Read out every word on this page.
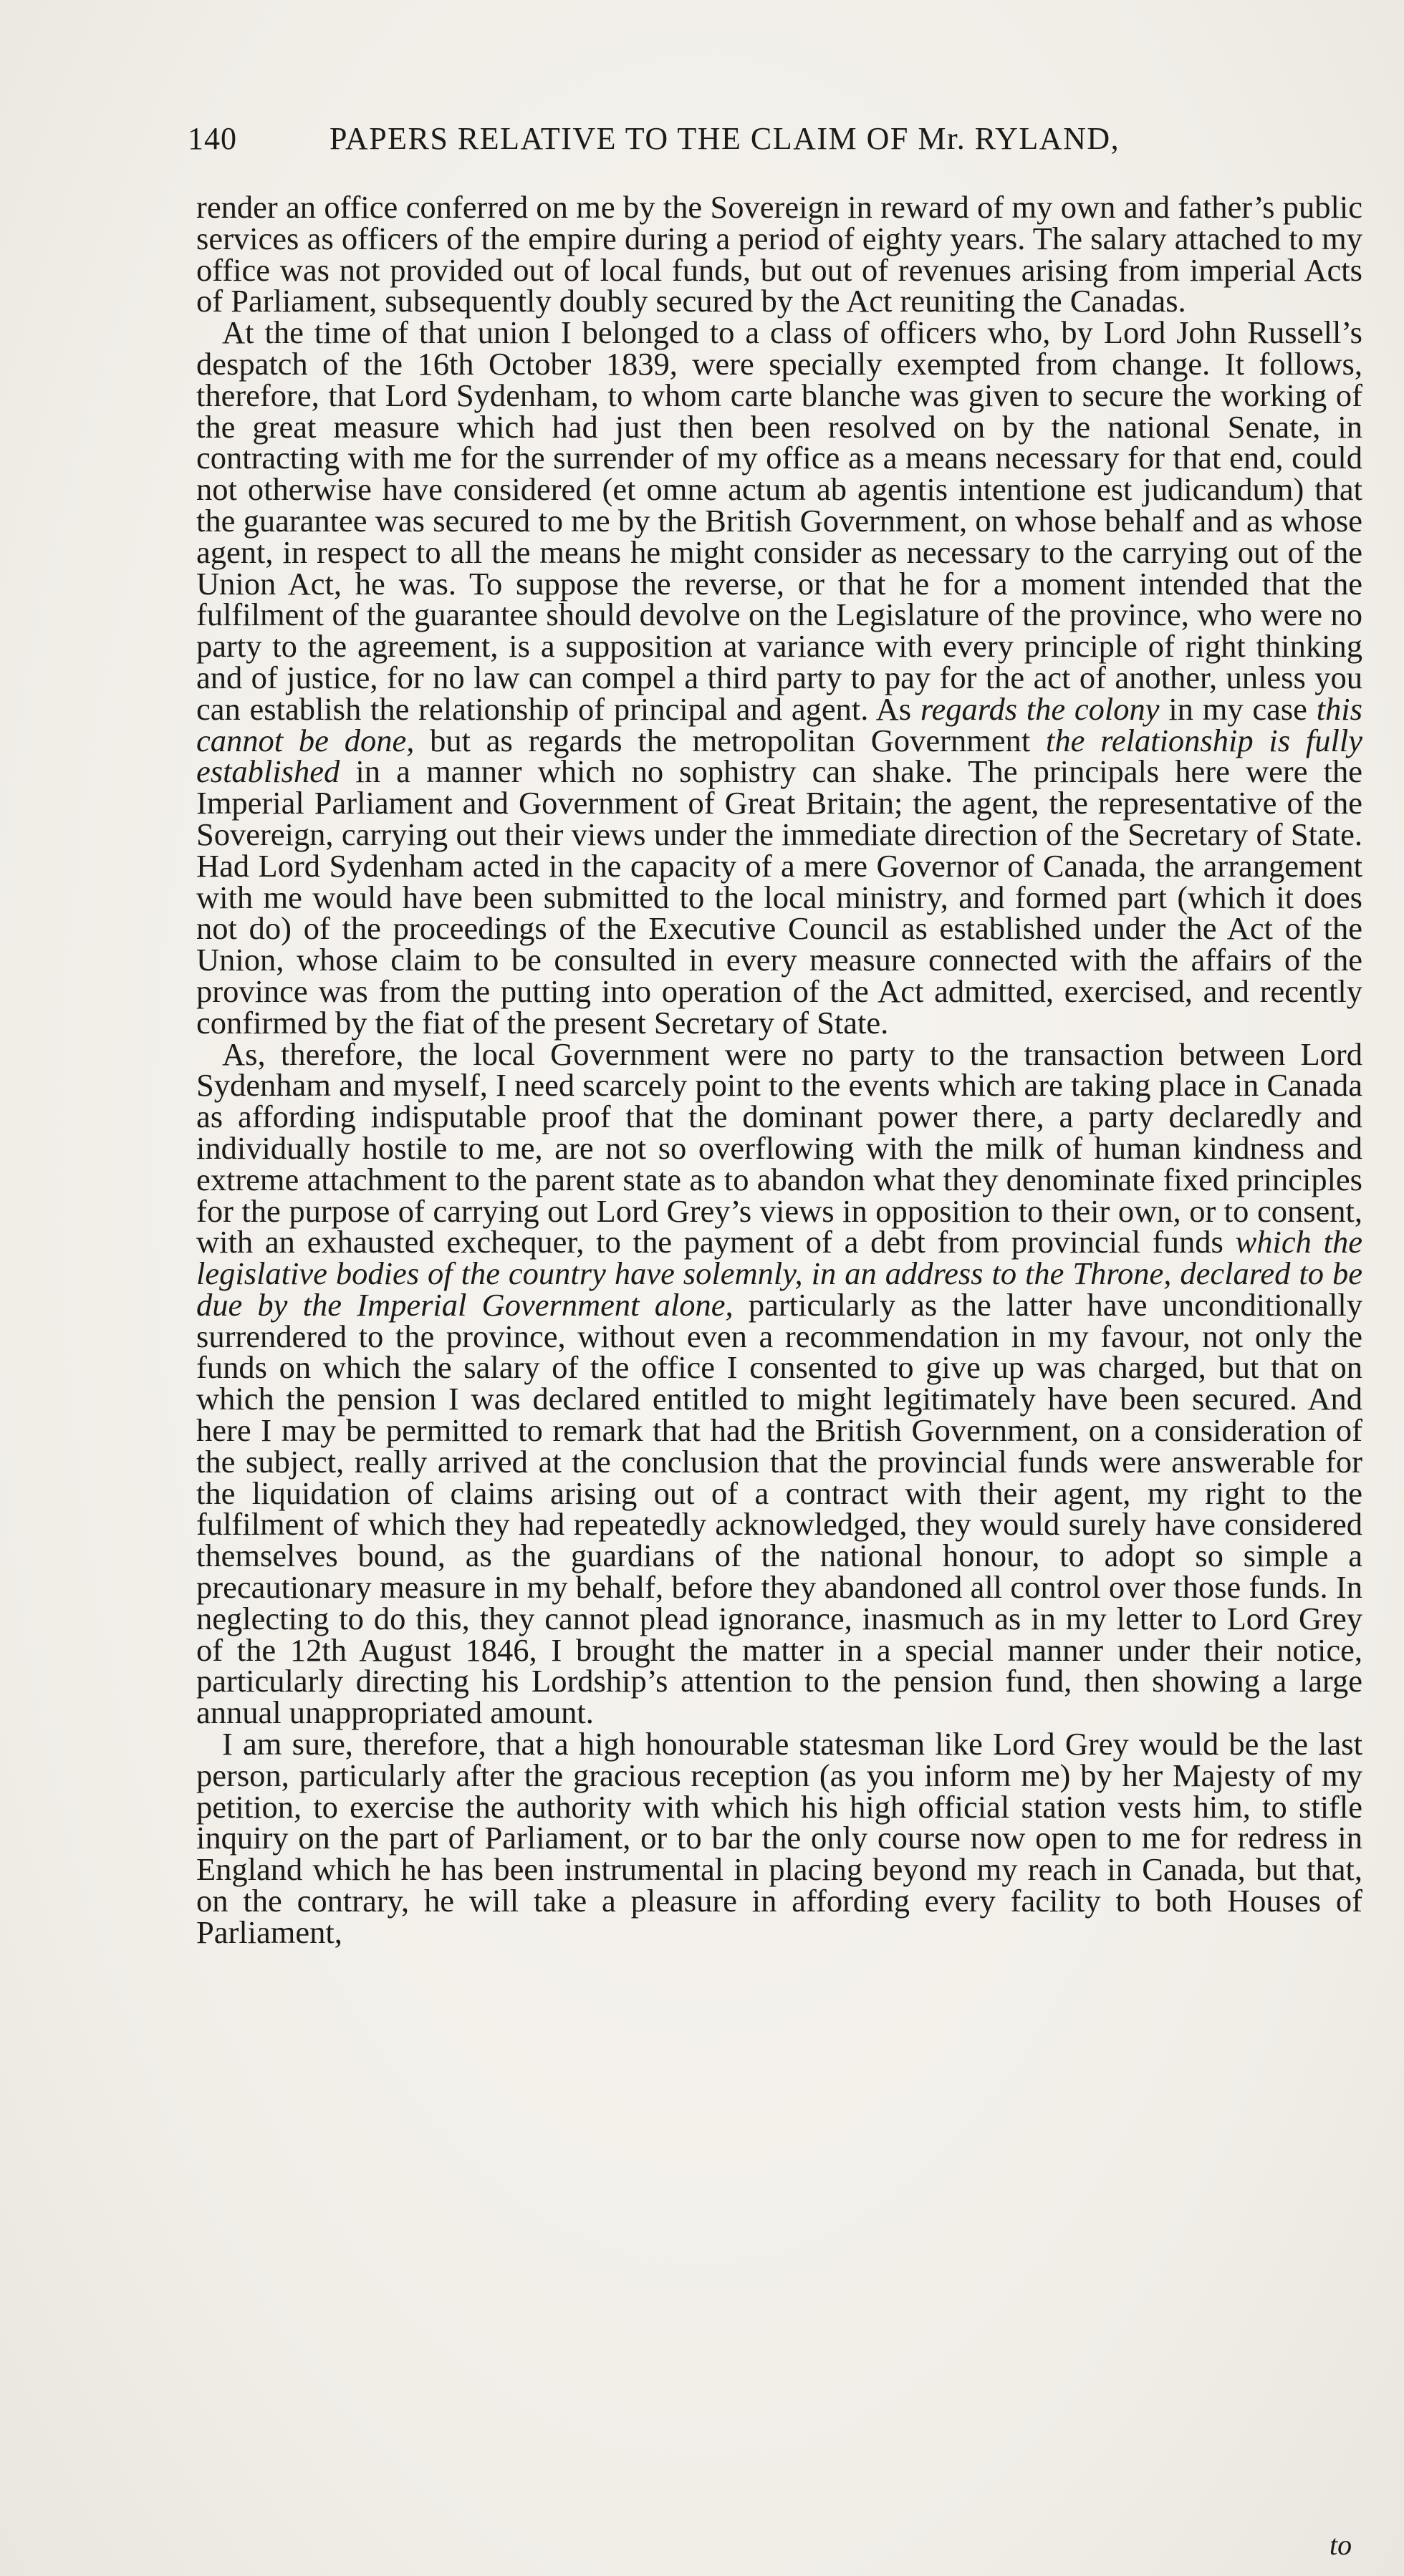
140	PAPERS RELATIVE TO THE CLAIM OF Mr. RYLAND,

render an office conferred on me by the Sovereign in reward of my own and father’s public services as officers of the empire during a period of eighty years. The salary attached to my office was not provided out of local funds, but out of revenues arising from imperial Acts of Parliament, subsequently doubly secured by the Act reuniting the Canadas.

At the time of that union I belonged to a class of officers who, by Lord John Russell’s despatch of the 16th October 1839, were specially exempted from change. It follows, therefore, that Lord Sydenham, to whom carte blanche was given to secure the working of the great measure which had just then been resolved on by the national Senate, in contracting with me for the surrender of my office as a means necessary for that end, could not otherwise have considered (et omne actum ab agentis intentione est judicandum) that the guarantee was secured to me by the British Government, on whose behalf and as whose agent, in respect to all the means he might consider as necessary to the carrying out of the Union Act, he was. To suppose the reverse, or that he for a moment intended that the fulfilment of the guarantee should devolve on the Legislature of the province, who were no party to the agreement, is a supposition at variance with every principle of right thinking and of justice, for no law can compel a third party to pay for the act of another, unless you can establish the relationship of principal and agent. As regards the colony in my case this cannot be done, but as regards the metropolitan Government the relationship is fully established in a manner which no sophistry can shake. The principals here were the Imperial Parliament and Government of Great Britain; the agent, the representative of the Sovereign, carrying out their views under the immediate direction of the Secretary of State. Had Lord Sydenham acted in the capacity of a mere Governor of Canada, the arrangement with me would have been submitted to the local ministry, and formed part (which it does not do) of the proceedings of the Executive Council as established under the Act of the Union, whose claim to be consulted in every measure connected with the affairs of the province was from the putting into operation of the Act admitted, exercised, and recently confirmed by the fiat of the present Secretary of State.

As, therefore, the local Government were no party to the transaction between Lord Sydenham and myself, I need scarcely point to the events which are taking place in Canada as affording indisputable proof that the dominant power there, a party declaredly and individually hostile to me, are not so overflowing with the milk of human kindness and extreme attachment to the parent state as to abandon what they denominate fixed principles for the purpose of carrying out Lord Grey’s views in opposition to their own, or to consent, with an exhausted exchequer, to the payment of a debt from provincial funds which the legislative bodies of the country have solemnly, in an address to the Throne, declared to be due by the Imperial Government alone, particularly as the latter have unconditionally surrendered to the province, without even a recommendation in my favour, not only the funds on which the salary of the office I consented to give up was charged, but that on which the pension I was declared entitled to might legitimately have been secured. And here I may be permitted to remark that had the British Government, on a consideration of the subject, really arrived at the conclusion that the provincial funds were answerable for the liquidation of claims arising out of a contract with their agent, my right to the fulfilment of which they had repeatedly acknowledged, they would surely have considered themselves bound, as the guardians of the national honour, to adopt so simple a precautionary measure in my behalf, before they abandoned all control over those funds. In neglecting to do this, they cannot plead ignorance, inasmuch as in my letter to Lord Grey of the 12th August 1846, I brought the matter in a special manner under their notice, particularly directing his Lordship’s attention to the pension fund, then showing a large annual unappropriated amount.

I am sure, therefore, that a high honourable statesman like Lord Grey would be the last person, particularly after the gracious reception (as you inform me) by her Majesty of my petition, to exercise the authority with which his high official station vests him, to stifle inquiry on the part of Parliament, or to bar the only course now open to me for redress in England which he has been instrumental in placing beyond my reach in Canada, but that, on the contrary, he will take a pleasure in affording every facility to both Houses of Parliament,

to
